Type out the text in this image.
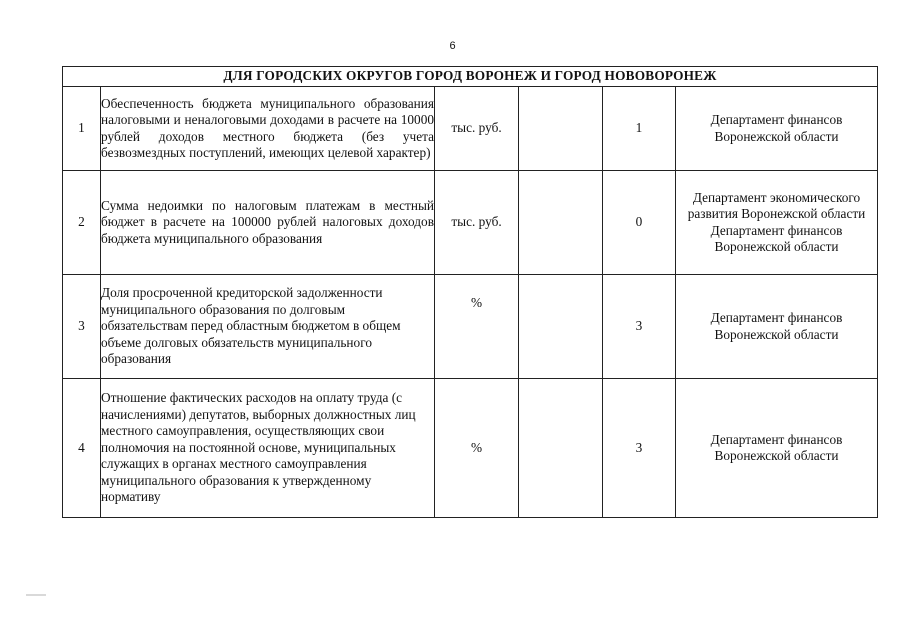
6
ДЛЯ ГОРОДСКИХ ОКРУГОВ ГОРОД ВОРОНЕЖ И ГОРОД НОВОВОРОНЕЖ					
1	Обеспеченность бюджета муниципального образования налоговыми и неналоговыми доходами в расчете на 10000 рублей доходов местного бюджета (без учета безвозмездных поступлений, имеющих целевой характер)	тыс. руб.		1	Департамент финансов Воронежской области
2	Сумма недоимки по налоговым платежам в местный бюджет в расчете на 100000 рублей налоговых доходов бюджета муниципального образования	тыс. руб.		0	Департамент экономического развития Воронежской области Департамент финансов Воронежской области
3	Доля просроченной кредиторской задолженности муниципального образования по долговым обязательствам перед областным бюджетом в общем объеме долговых обязательств муниципального образования	%		3	Департамент финансов Воронежской области
4	Отношение фактических расходов на оплату труда (с начислениями) депутатов, выборных должностных лиц местного самоуправления, осуществляющих свои полномочия на постоянной основе, муниципальных служащих в органах местного самоуправления муниципального образования к утвержденному нормативу	%		3	Департамент финансов Воронежской области
